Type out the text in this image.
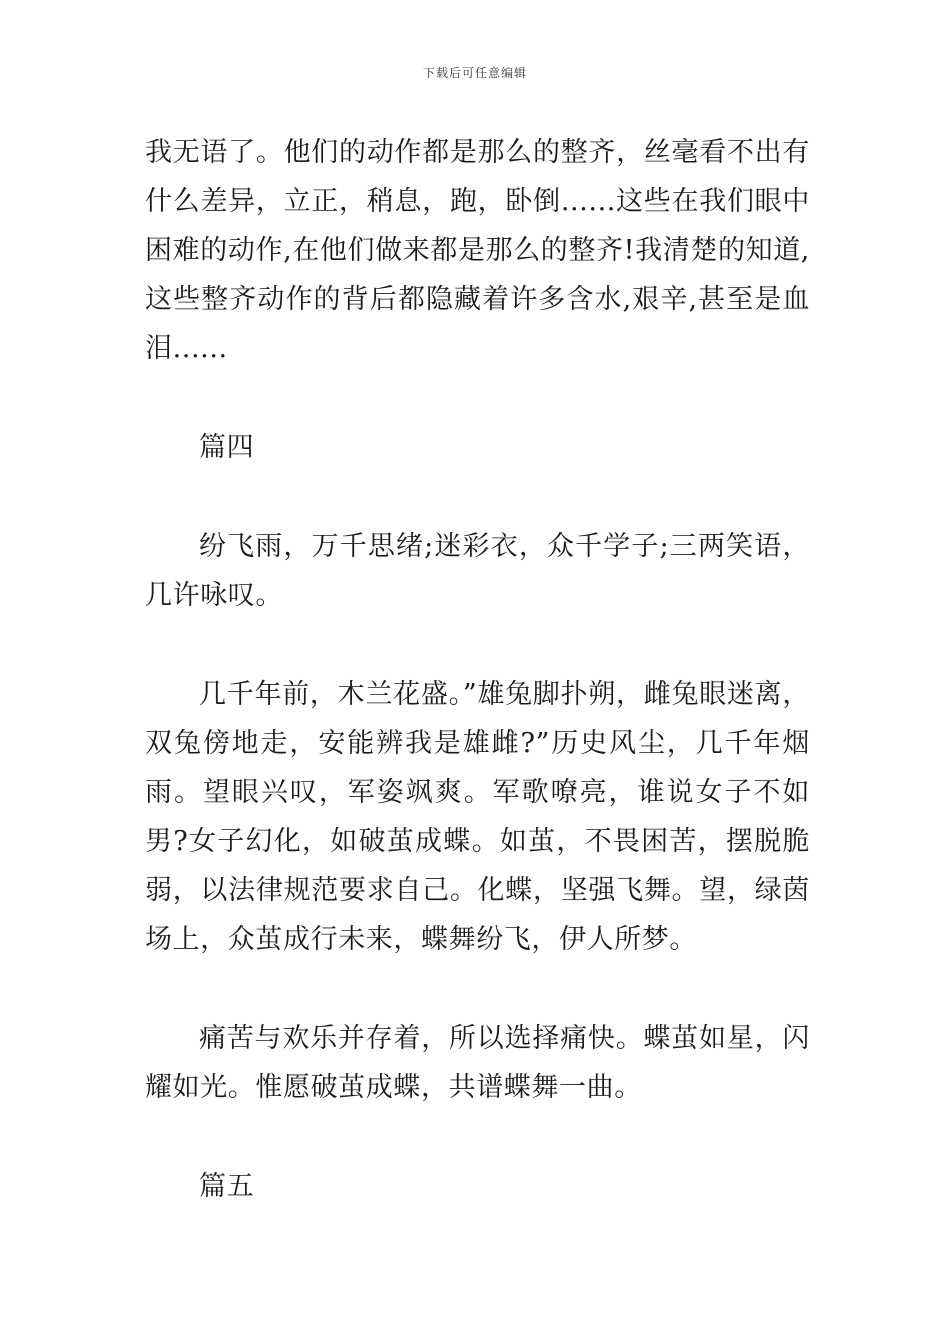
下载后可任意编辑

我无语了。他们的动作都是那么的整齐，丝毫看不出有什么差异，立正，稍息，跑，卧倒......这些在我们眼中困难的动作,在他们做来都是那么的整齐!我清楚的知道,这些整齐动作的背后都隐藏着许多含水,艰辛,甚至是血泪......

篇四

纷飞雨，万千思绪;迷彩衣，众千学子;三两笑语，几许咏叹。

几千年前，木兰花盛。”雄兔脚扑朔，雌兔眼迷离，双兔傍地走，安能辨我是雄雌?”历史风尘，几千年烟雨。望眼兴叹，军姿飒爽。军歌嘹亮，谁说女子不如男?女子幻化，如破茧成蝶。如茧，不畏困苦，摆脱脆弱，以法律规范要求自己。化蝶，坚强飞舞。望，绿茵场上，众茧成行未来，蝶舞纷飞，伊人所梦。

痛苦与欢乐并存着，所以选择痛快。蝶茧如星，闪耀如光。惟愿破茧成蝶，共谱蝶舞一曲。

篇五
